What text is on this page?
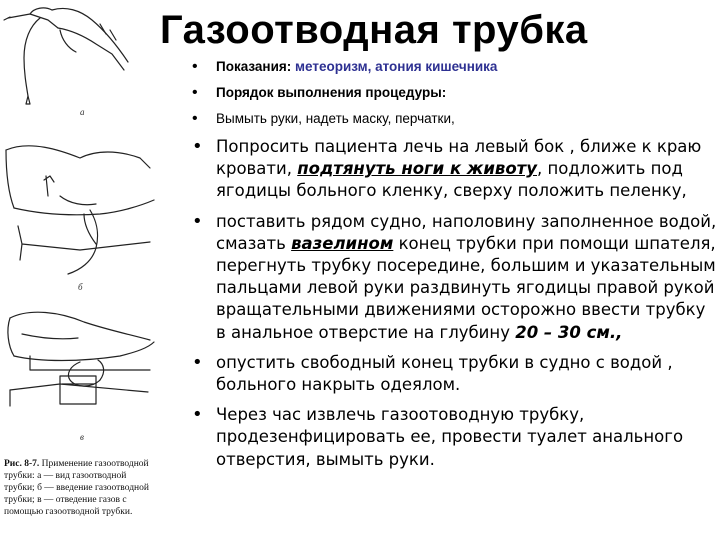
а
б
в
Рис. 8-7. Применение газоотводной трубки: а — вид газоотводной трубки; б — введение газоотводной трубки; в — отведение газов с помощью газоотводной трубки.
Газоотводная трубка
• Показания: метеоризм, атония кишечника
• Порядок выполнения процедуры:
• Вымыть руки, надеть маску, перчатки,
• Попросить пациента лечь на левый бок , ближе к краю кровати, подтянуть ноги к животу, подложить под ягодицы больного кленку, сверху положить пеленку,
• поставить рядом судно, наполовину заполненное водой, смазать вазелином конец трубки при помощи шпателя, перегнуть трубку посередине, большим и указательным пальцами левой руки раздвинуть ягодицы правой рукой вращательными движениями осторожно ввести трубку в анальное отверстие на глубину 20 – 30 см.,
• опустить свободный конец трубки в судно с водой , больного накрыть одеялом.
• Через час извлечь газоотоводную трубку, продезенфицировать ее, провести туалет анального отверстия, вымыть руки.
